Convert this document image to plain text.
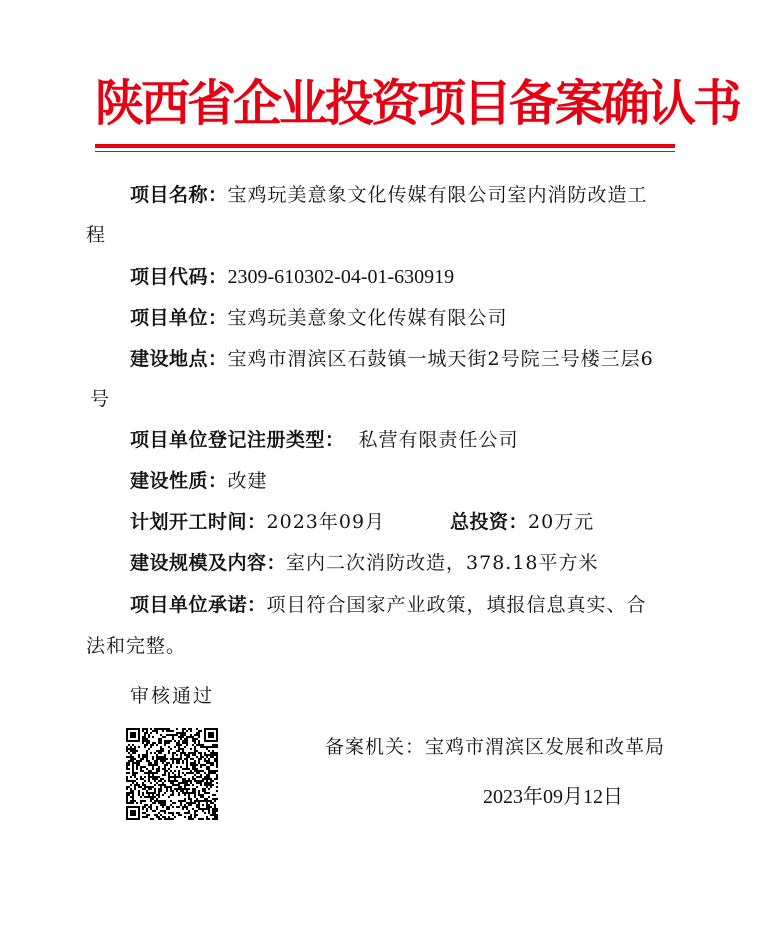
陕西省企业投资项目备案确认书
项目名称：宝鸡玩美意象文化传媒有限公司室内消防改造工
程
项目代码：2309-610302-04-01-630919
项目单位：宝鸡玩美意象文化传媒有限公司
建设地点：宝鸡市渭滨区石鼓镇一城天街2号院三号楼三层6
号
项目单位登记注册类型： 私营有限责任公司
建设性质：改建
计划开工时间：2023年09月	总投资：20万元
建设规模及内容：室内二次消防改造，378.18平方米
项目单位承诺：项目符合国家产业政策，填报信息真实、合
法和完整。
审核通过
备案机关：宝鸡市渭滨区发展和改革局
2023年09月12日
